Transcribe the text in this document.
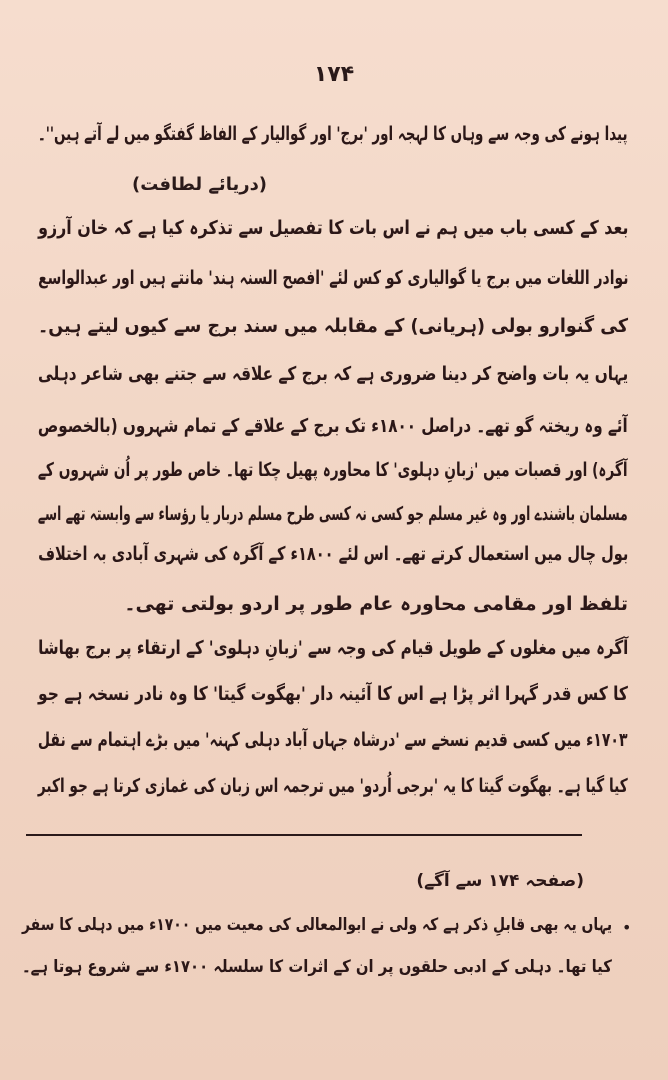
۱۷۴
پیدا ہونے کی وجہ سے وہاں کا لہجہ اور 'برج' اور گوالیار کے الفاظ گفتگو میں لے آتے ہیں''۔
(دریائے لطافت)
بعد کے کسی باب میں ہم نے اس بات کا تفصیل سے تذکرہ کیا ہے کہ خان آرزو
نوادر اللغات میں برج یا گوالیاری کو کس لئے 'افصح السنہ ہند' مانتے ہیں اور عبدالواسع
کی گنوارو بولی (ہریانی) کے مقابلہ میں سند برج سے کیوں لیتے ہیں۔
یہاں یہ بات واضح کر دینا ضروری ہے کہ برج کے علاقہ سے جتنے بھی شاعر دہلی
آئے وہ ریختہ گو تھے۔ دراصل ۱۸۰۰ء تک برج کے علاقے کے تمام شہروں (بالخصوص
آگرہ) اور قصبات میں 'زبانِ دہلوی' کا محاورہ پھیل چکا تھا۔ خاص طور پر اُن شہروں کے
مسلمان باشندے اور وہ غیر مسلم جو کسی نہ کسی طرح مسلم دربار یا رؤساء سے وابستہ تھے اسے
بول چال میں استعمال کرتے تھے۔ اس لئے ۱۸۰۰ء کے آگرہ کی شہری آبادی بہ اختلاف
تلفظ اور مقامی محاورہ عام طور پر اردو بولتی تھی۔
آگرہ میں مغلوں کے طویل قیام کی وجہ سے 'زبانِ دہلوی' کے ارتقاء پر برج بھاشا
کا کس قدر گہرا اثر پڑا ہے اس کا آئینہ دار 'بھگوت گیتا' کا وہ نادر نسخہ ہے جو
۱۷۰۳ء میں کسی قدیم نسخے سے 'درشاہ جہاں آباد دہلی کہنہ' میں بڑے اہتمام سے نقل
کیا گیا ہے۔ بھگوت گیتا کا یہ 'برجی اُردو' میں ترجمہ اس زبان کی غمازی کرتا ہے جو اکبر
(صفحہ ۱۷۴ سے آگے)
یہاں یہ بھی قابلِ ذکر ہے کہ ولی نے ابوالمعالی کی معیت میں ۱۷۰۰ء میں دہلی کا سفر
کیا تھا۔ دہلی کے ادبی حلقوں پر ان کے اثرات کا سلسلہ ۱۷۰۰ء سے شروع ہوتا ہے۔
•
